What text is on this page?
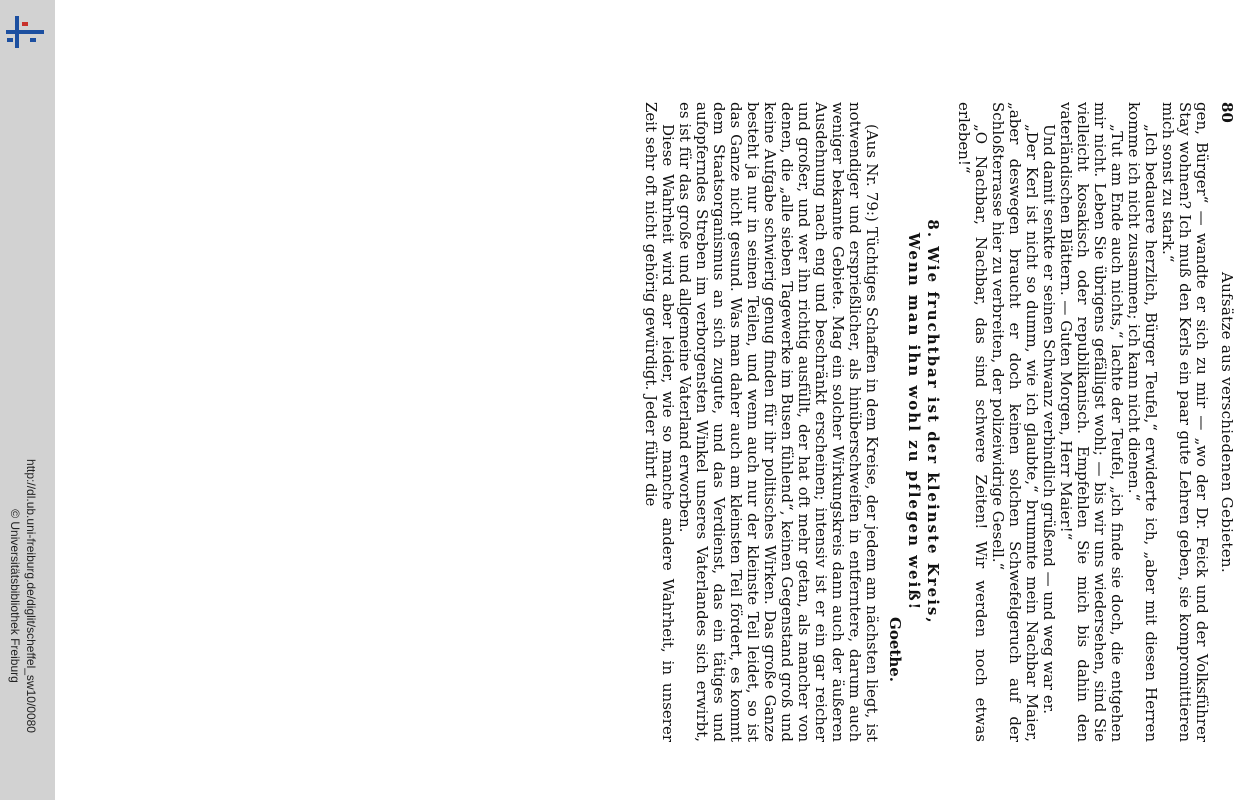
http://dl.ub.uni-freiburg.de/diglit/scheffel_sw10/0080
© Universitätsbibliothek Freiburg
80
Aufsätze aus verschiedenen Gebieten.

gen, Bürger“ — wandte er sich zu mir — „wo der Dr. Feick und der Volksführer Stay wohnen? Ich muß den Kerls ein paar gute Lehren geben, sie kompromittieren mich sonst zu stark.“

„Ich bedauere herzlich, Bürger Teufel,“ erwiderte ich, „aber mit diesen Herren komme ich nicht zusammen; ich kann nicht dienen.“

„Tut am Ende auch nichts,“ lachte der Teufel, „ich finde sie doch, die entgehen mir nicht. Leben Sie übrigens gefälligst wohl; — bis wir uns wiedersehen, sind Sie vielleicht kosakisch oder republikanisch. Empfehlen Sie mich bis dahin den vaterländischen Blättern. — Guten Morgen, Herr Maier!“

Und damit senkte er seinen Schwanz verbindlich grüßend — und weg war er.

„Der Kerl ist nicht so dumm, wie ich glaubte,“ brummte mein Nachbar Maier, „aber deswegen braucht er doch keinen solchen Schwefelgeruch auf der Schloßterrasse hier zu verbreiten, der polizeiwidrige Gesell.“

„O Nachbar, Nachbar, das sind schwere Zeiten! Wir werden noch etwas erleben!“

8. Wie fruchtbar ist der kleinste Kreis,
Wenn man ihn wohl zu pflegen weiß!
Goethe.

(Aus Nr. 79:) Tüchtiges Schaffen in dem Kreise, der jedem am nächsten liegt, ist notwendiger und ersprießlicher, als hinüberschweifen in entferntere, darum auch weniger bekannte Gebiete. Mag ein solcher Wirkungskreis dann auch der äußeren Ausdehnung nach eng und beschränkt erscheinen; intensiv ist er ein gar reicher und großer, und wer ihn richtig ausfüllt, der hat oft mehr getan, als mancher von denen, die „alle sieben Tagewerke im Busen fühlend“, keinen Gegenstand groß und keine Aufgabe schwierig genug finden für ihr politisches Wirken. Das große Ganze besteht ja nur in seinen Teilen, und wenn auch nur der kleinste Teil leidet, so ist das Ganze nicht gesund. Was man daher auch am kleinsten Teil fördert, es kommt dem Staatsorganismus an sich zugute, und das Verdienst, das ein tätiges und aufopferndes Streben im verborgensten Winkel unseres Vaterlandes sich erwirbt, es ist für das große und allgemeine Vaterland erworben.

Diese Wahrheit wird aber leider, wie so manche andere Wahrheit, in unserer Zeit sehr oft nicht gehörig gewürdigt. Jeder führt die
